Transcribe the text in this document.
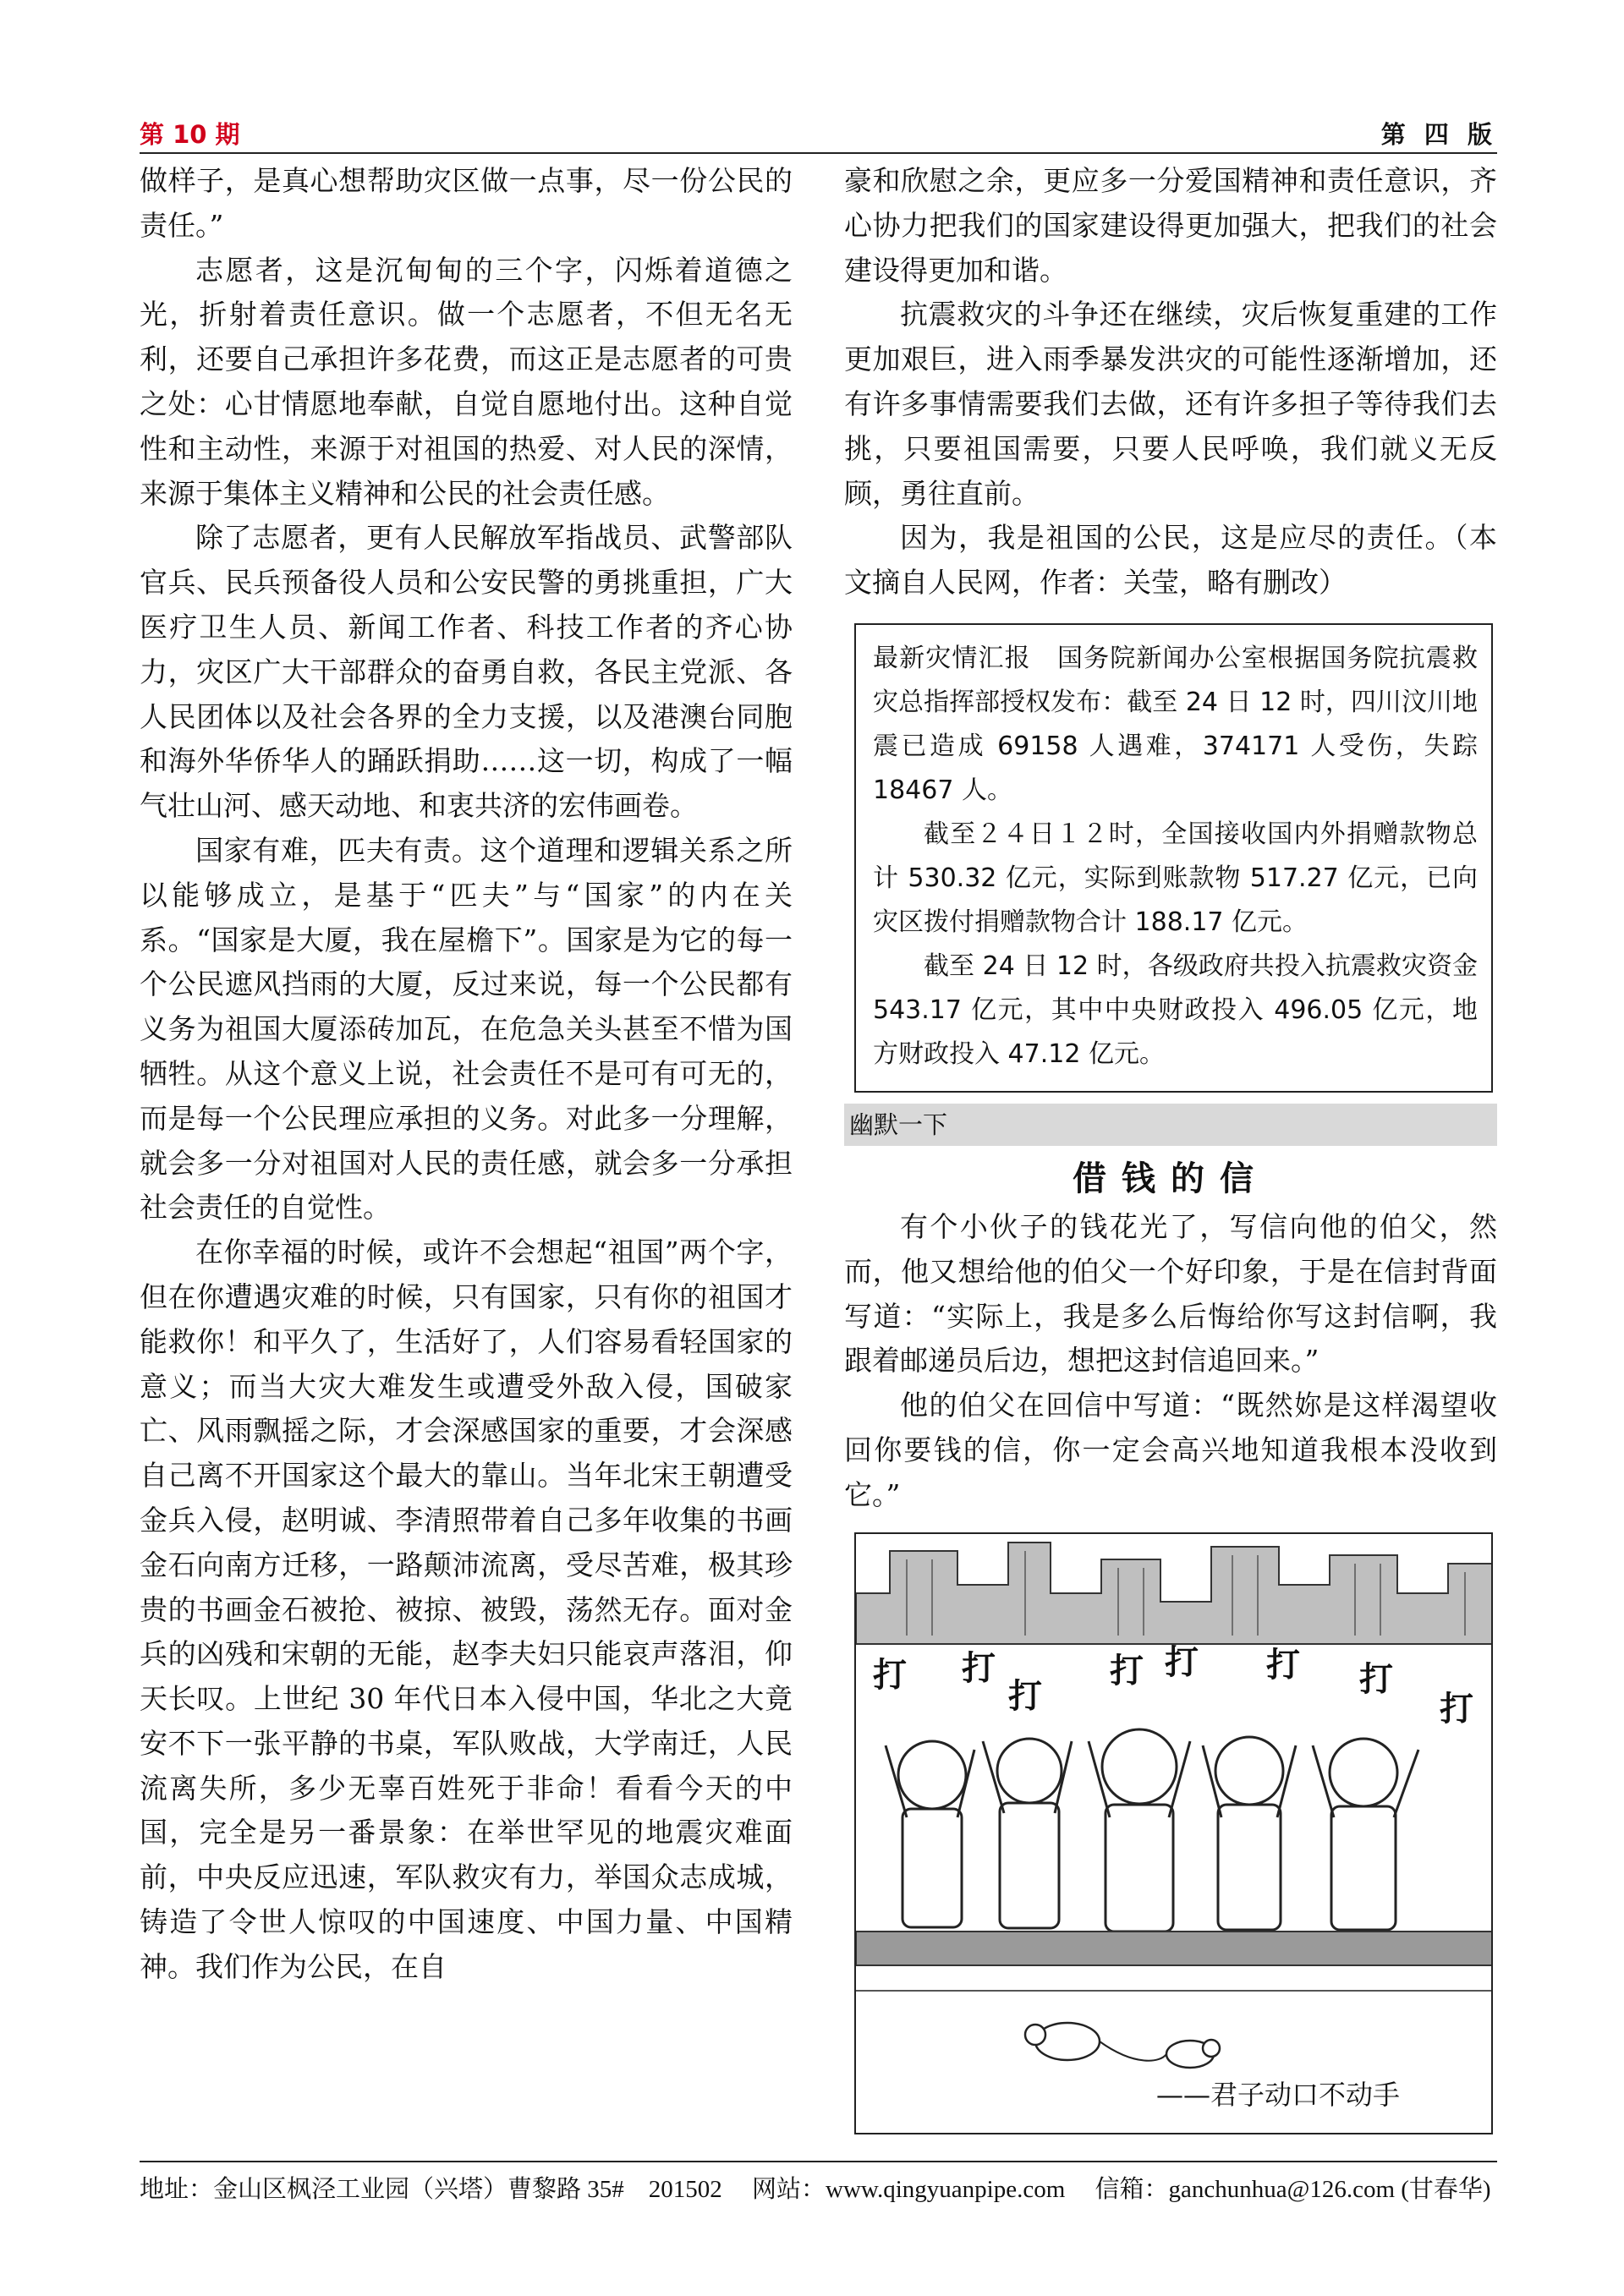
第 10 期	第 四 版

做样子，是真心想帮助灾区做一点事，尽一份公民的责任。”

志愿者，这是沉甸甸的三个字，闪烁着道德之光，折射着责任意识。做一个志愿者，不但无名无利，还要自己承担许多花费，而这正是志愿者的可贵之处：心甘情愿地奉献，自觉自愿地付出。这种自觉性和主动性，来源于对祖国的热爱、对人民的深情，来源于集体主义精神和公民的社会责任感。

除了志愿者，更有人民解放军指战员、武警部队官兵、民兵预备役人员和公安民警的勇挑重担，广大医疗卫生人员、新闻工作者、科技工作者的齐心协力，灾区广大干部群众的奋勇自救，各民主党派、各人民团体以及社会各界的全力支援，以及港澳台同胞和海外华侨华人的踊跃捐助……这一切，构成了一幅气壮山河、感天动地、和衷共济的宏伟画卷。

国家有难，匹夫有责。这个道理和逻辑关系之所以能够成立，是基于“匹夫”与“国家”的内在关系。“国家是大厦，我在屋檐下”。国家是为它的每一个公民遮风挡雨的大厦，反过来说，每一个公民都有义务为祖国大厦添砖加瓦，在危急关头甚至不惜为国牺牲。从这个意义上说，社会责任不是可有可无的，而是每一个公民理应承担的义务。对此多一分理解，就会多一分对祖国对人民的责任感，就会多一分承担社会责任的自觉性。

在你幸福的时候，或许不会想起“祖国”两个字，但在你遭遇灾难的时候，只有国家，只有你的祖国才能救你！和平久了，生活好了，人们容易看轻国家的意义；而当大灾大难发生或遭受外敌入侵，国破家亡、风雨飘摇之际，才会深感国家的重要，才会深感自己离不开国家这个最大的靠山。当年北宋王朝遭受金兵入侵，赵明诚、李清照带着自己多年收集的书画金石向南方迁移，一路颠沛流离，受尽苦难，极其珍贵的书画金石被抢、被掠、被毁，荡然无存。面对金兵的凶残和宋朝的无能，赵李夫妇只能哀声落泪，仰天长叹。上世纪 30 年代日本入侵中国，华北之大竟安不下一张平静的书桌，军队败战，大学南迁，人民流离失所，多少无辜百姓死于非命！看看今天的中国，完全是另一番景象：在举世罕见的地震灾难面前，中央反应迅速，军队救灾有力，举国众志成城，铸造了令世人惊叹的中国速度、中国力量、中国精神。我们作为公民，在自

豪和欣慰之余，更应多一分爱国精神和责任意识，齐心协力把我们的国家建设得更加强大，把我们的社会建设得更加和谐。

抗震救灾的斗争还在继续，灾后恢复重建的工作更加艰巨，进入雨季暴发洪灾的可能性逐渐增加，还有许多事情需要我们去做，还有许多担子等待我们去挑，只要祖国需要，只要人民呼唤，我们就义无反顾，勇往直前。

因为，我是祖国的公民，这是应尽的责任。（本文摘自人民网，作者：关莹，略有删改）

最新灾情汇报　国务院新闻办公室根据国务院抗震救灾总指挥部授权发布：截至 24 日 12 时，四川汶川地震已造成 69158 人遇难，374171 人受伤，失踪 18467 人。

截至２４日１２时，全国接收国内外捐赠款物总计 530.32 亿元，实际到账款物 517.27 亿元，已向灾区拨付捐赠款物合计 188.17 亿元。

截至 24 日 12 时，各级政府共投入抗震救灾资金 543.17 亿元，其中中央财政投入 496.05 亿元，地方财政投入 47.12 亿元。

幽默一下
借钱的信

有个小伙子的钱花光了，写信向他的伯父，然而，他又想给他的伯父一个好印象，于是在信封背面写道：“实际上，我是多么后悔给你写这封信啊，我跟着邮递员后边，想把这封信追回来。”

他的伯父在回信中写道：“既然妳是这样渴望收回你要钱的信，你一定会高兴地知道我根本没收到它。”

打 打
打
打 打 打 打
打
——君子动口不动手
地址：金山区枫泾工业园（兴塔）曹黎路 35#　201502 网站：www.qingyuanpipe.com 信箱：ganchunhua@126.com (甘春华)
